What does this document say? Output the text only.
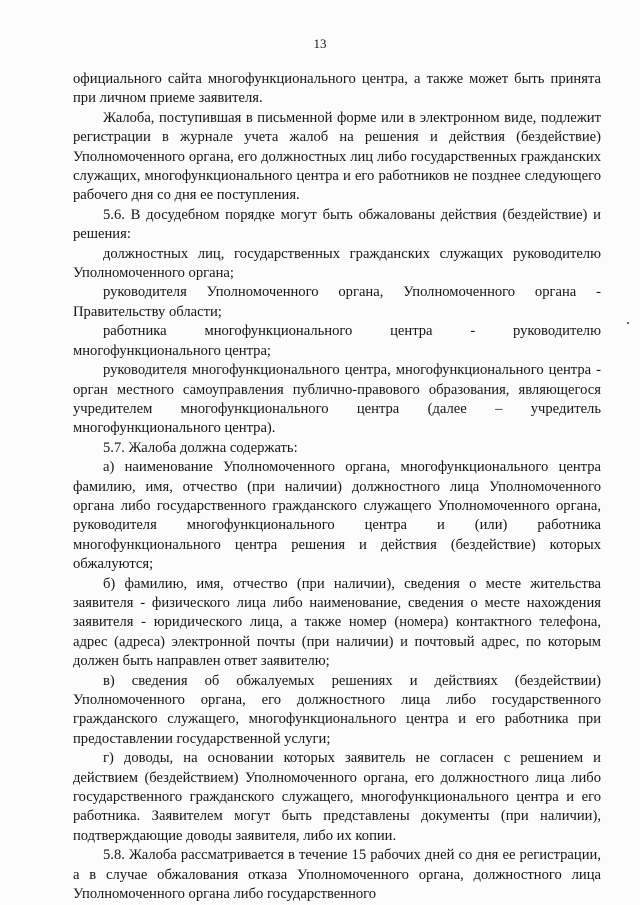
13

официального сайта многофункционального центра, а также может быть принята при личном приеме заявителя.

Жалоба, поступившая в письменной форме или в электронном виде, подлежит регистрации в журнале учета жалоб на решения и действия (бездействие) Уполномоченного органа, его должностных лиц либо государственных гражданских служащих, многофункционального центра и его работников не позднее следующего рабочего дня со дня ее поступления.

5.6. В досудебном порядке могут быть обжалованы действия (бездействие) и решения:

должностных лиц, государственных гражданских служащих руководителю Уполномоченного органа;

руководителя Уполномоченного органа, Уполномоченного органа - Правительству области;

работника многофункционального центра - руководителю многофункционального центра;

руководителя многофункционального центра, многофункционального центра - орган местного самоуправления публично-правового образования, являющегося учредителем многофункционального центра (далее – учредитель многофункционального центра).

5.7. Жалоба должна содержать:

а) наименование Уполномоченного органа, многофункционального центра фамилию, имя, отчество (при наличии) должностного лица Уполномоченного органа либо государственного гражданского служащего Уполномоченного органа, руководителя многофункционального центра и (или) работника многофункционального центра решения и действия (бездействие) которых обжалуются;

б) фамилию, имя, отчество (при наличии), сведения о месте жительства заявителя - физического лица либо наименование, сведения о месте нахождения заявителя - юридического лица, а также номер (номера) контактного телефона, адрес (адреса) электронной почты (при наличии) и почтовый адрес, по которым должен быть направлен ответ заявителю;

в) сведения об обжалуемых решениях и действиях (бездействии) Уполномоченного органа, его должностного лица либо государственного гражданского служащего, многофункционального центра и его работника при предоставлении государственной услуги;

г) доводы, на основании которых заявитель не согласен с решением и действием (бездействием) Уполномоченного органа, его должностного лица либо государственного гражданского служащего, многофункционального центра и его работника. Заявителем могут быть представлены документы (при наличии), подтверждающие доводы заявителя, либо их копии.

5.8. Жалоба рассматривается в течение 15 рабочих дней со дня ее регистрации, а в случае обжалования отказа Уполномоченного органа, должностного лица Уполномоченного органа либо государственного
